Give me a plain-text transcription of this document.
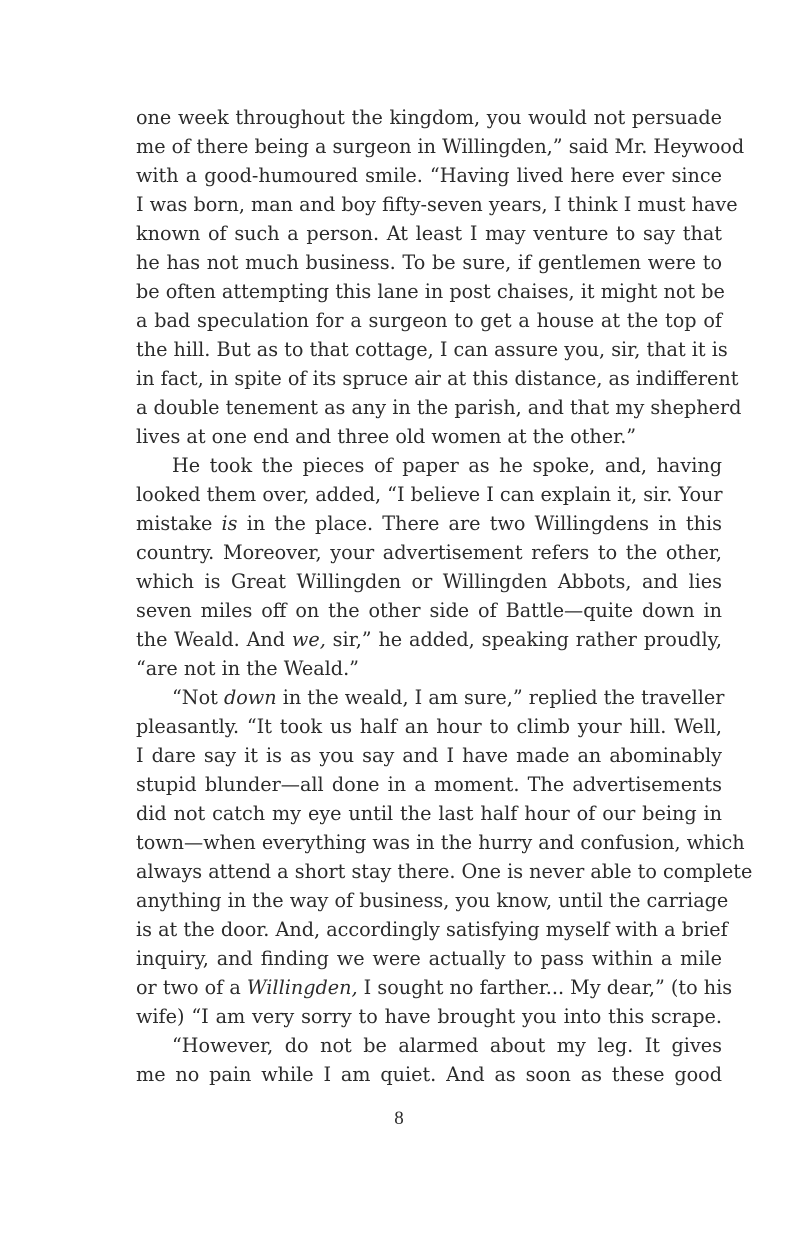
one week throughout the kingdom, you would not persuade
me of there being a surgeon in Willingden,” said Mr. Heywood
with a good-humoured smile. “Having lived here ever since
I was born, man and boy fifty-seven years, I think I must have
known of such a person. At least I may venture to say that
he has not much business. To be sure, if gentlemen were to
be often attempting this lane in post chaises, it might not be
a bad speculation for a surgeon to get a house at the top of
the hill. But as to that cottage, I can assure you, sir, that it is
in fact, in spite of its spruce air at this distance, as indifferent
a double tenement as any in the parish, and that my shepherd
lives at one end and three old women at the other.”
He took the pieces of paper as he spoke, and, having
looked them over, added, “I believe I can explain it, sir. Your
mistake is in the place. There are two Willingdens in this
country. Moreover, your advertisement refers to the other,
which is Great Willingden or Willingden Abbots, and lies
seven miles off on the other side of Battle—quite down in
the Weald. And we, sir,” he added, speaking rather proudly,
“are not in the Weald.”
“Not down in the weald, I am sure,” replied the traveller
pleasantly. “It took us half an hour to climb your hill. Well,
I dare say it is as you say and I have made an abominably
stupid blunder—all done in a moment. The advertisements
did not catch my eye until the last half hour of our being in
town—when everything was in the hurry and confusion, which
always attend a short stay there. One is never able to complete
anything in the way of business, you know, until the carriage
is at the door. And, accordingly satisfying myself with a brief
inquiry, and finding we were actually to pass within a mile
or two of a Willingden, I sought no farther... My dear,” (to his
wife) “I am very sorry to have brought you into this scrape.
“However, do not be alarmed about my leg. It gives
me no pain while I am quiet. And as soon as these good
8
